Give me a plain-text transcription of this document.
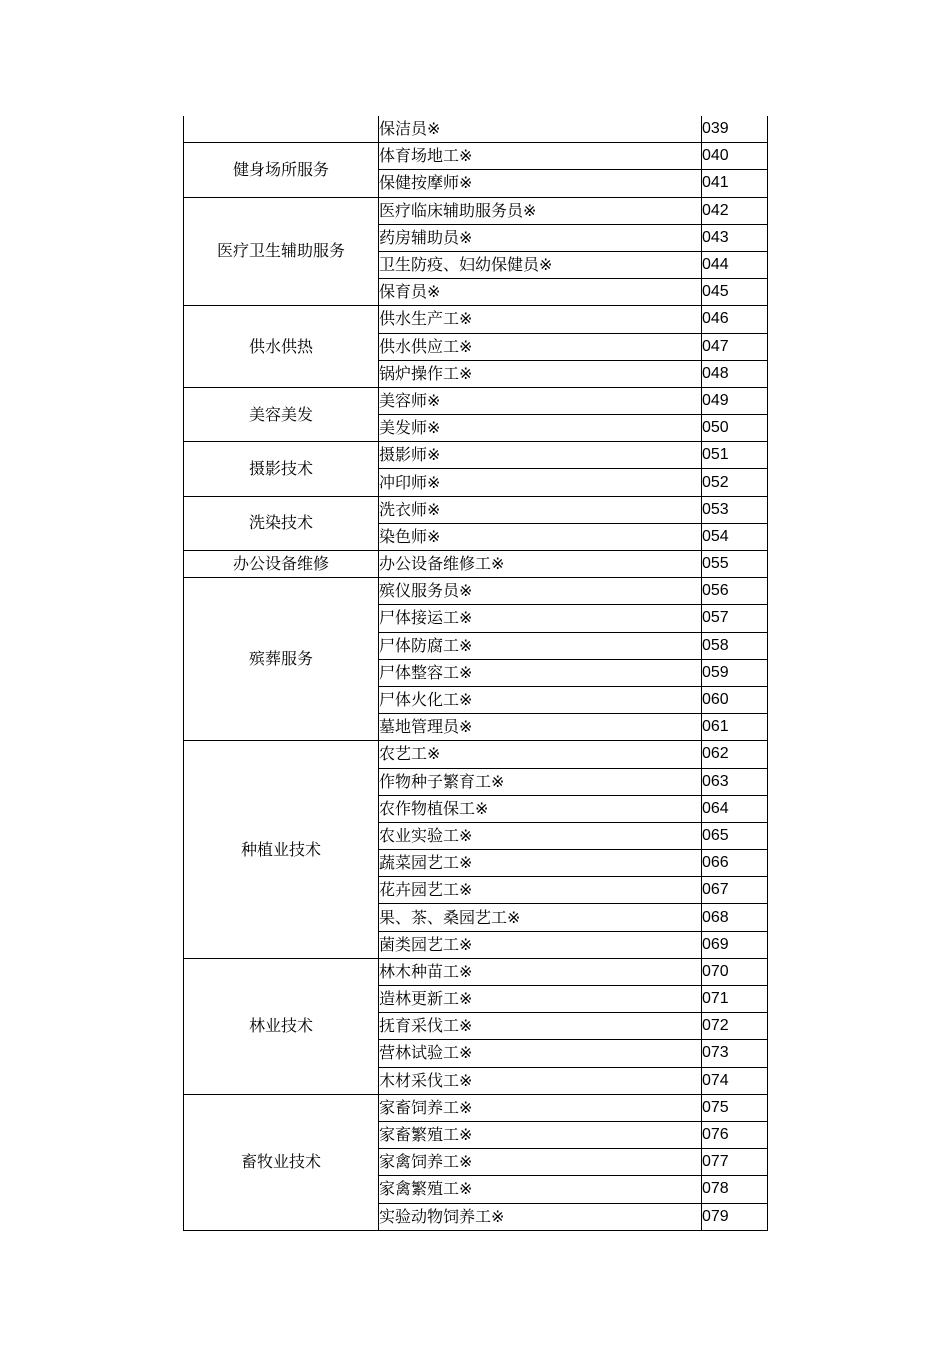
	保洁员※	039
健身场所服务	体育场地工※	040
	保健按摩师※	041
医疗卫生辅助服务	医疗临床辅助服务员※	042
	药房辅助员※	043
	卫生防疫、妇幼保健员※	044
	保育员※	045
供水供热	供水生产工※	046
	供水供应工※	047
	锅炉操作工※	048
美容美发	美容师※	049
	美发师※	050
摄影技术	摄影师※	051
	冲印师※	052
洗染技术	洗衣师※	053
	染色师※	054
办公设备维修	办公设备维修工※	055
殡葬服务	殡仪服务员※	056
	尸体接运工※	057
	尸体防腐工※	058
	尸体整容工※	059
	尸体火化工※	060
	墓地管理员※	061
种植业技术	农艺工※	062
	作物种子繁育工※	063
	农作物植保工※	064
	农业实验工※	065
	蔬菜园艺工※	066
	花卉园艺工※	067
	果、茶、桑园艺工※	068
	菌类园艺工※	069
林业技术	林木种苗工※	070
	造林更新工※	071
	抚育采伐工※	072
	营林试验工※	073
	木材采伐工※	074
畜牧业技术	家畜饲养工※	075
	家畜繁殖工※	076
	家禽饲养工※	077
	家禽繁殖工※	078
	实验动物饲养工※	079
